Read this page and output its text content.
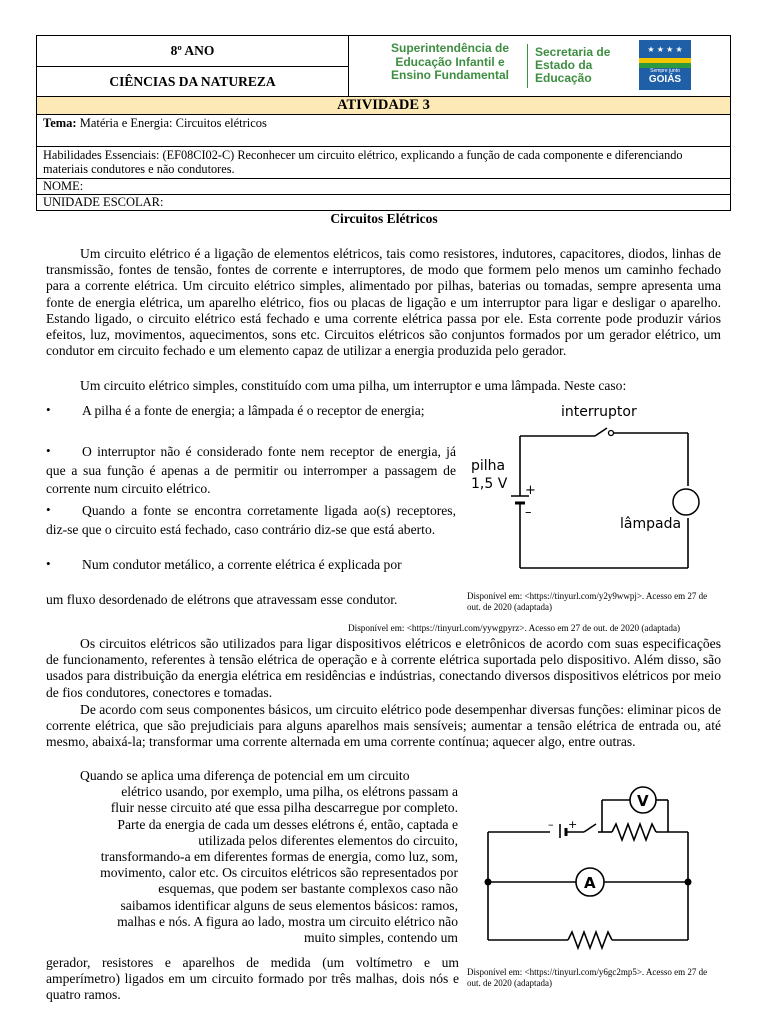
8º ANO
CIÊNCIAS DA NATUREZA
Superintendência de
Educação Infantil e
Ensino Fundamental
Secretaria de
Estado da
Educação
★ ★ ★ ★
Sempre junto
GOIÁS
ATIVIDADE 3
Tema: Matéria e Energia: Circuitos elétricos
Habilidades Essenciais: (EF08CI02-C) Reconhecer um circuito elétrico, explicando a função de cada componente e diferenciando materiais condutores e não condutores.
NOME:
UNIDADE ESCOLAR:
Circuitos Elétricos

Um circuito elétrico é a ligação de elementos elétricos, tais como resistores, indutores, capacitores, diodos, linhas de transmissão, fontes de tensão, fontes de corrente e interruptores, de modo que formem pelo menos um caminho fechado para a corrente elétrica. Um circuito elétrico simples, alimentado por pilhas, baterias ou tomadas, sempre apresenta uma fonte de energia elétrica, um aparelho elétrico, fios ou placas de ligação e um interruptor para ligar e desligar o aparelho. Estando ligado, o circuito elétrico está fechado e uma corrente elétrica passa por ele. Esta corrente pode produzir vários efeitos, luz, movimentos, aquecimentos, sons etc. Circuitos elétricos são conjuntos formados por um gerador elétrico, um condutor em circuito fechado e um elemento capaz de utilizar a energia produzida pelo gerador.

Um circuito elétrico simples, constituído com uma pilha, um interruptor e uma lâmpada. Neste caso:

•	A pilha é a fonte de energia; a lâmpada é o receptor de energia;

•	O interruptor não é considerado fonte nem receptor de energia, já que a sua função é apenas a de permitir ou interromper a passagem de corrente num circuito elétrico.

•	Quando a fonte se encontra corretamente ligada ao(s) receptores, diz-se que o circuito está fechado, caso contrário diz-se que está aberto.

•	Num condutor metálico, a corrente elétrica é explicada por

um fluxo desordenado de elétrons que atravessam esse condutor.
interruptor
pilha
1,5 V +
–
lâmpada
Disponível em: <https://tinyurl.com/y2y9wwpj>. Acesso em 27 de out. de 2020 (adaptada)
Disponível em: <https://tinyurl.com/yywgpyrz>. Acesso em 27 de out. de 2020 (adaptada)

Os circuitos elétricos são utilizados para ligar dispositivos elétricos e eletrônicos de acordo com suas especificações de funcionamento, referentes à tensão elétrica de operação e à corrente elétrica suportada pelo dispositivo. Além disso, são usados para distribuição da energia elétrica em residências e indústrias, conectando diversos dispositivos elétricos por meio de fios condutores, conectores e tomadas.

De acordo com seus componentes básicos, um circuito elétrico pode desempenhar diversas funções: eliminar picos de corrente elétrica, que são prejudiciais para alguns aparelhos mais sensíveis; aumentar a tensão elétrica de entrada ou, até mesmo, abaixá-la; transformar uma corrente alternada em uma corrente contínua; aquecer algo, entre outras.

Quando se aplica uma diferença de potencial em um circuito
elétrico usando, por exemplo, uma pilha, os elétrons passam a
fluir nesse circuito até que essa pilha descarregue por completo.
Parte da energia de cada um desses elétrons é, então, captada e
utilizada pelos diferentes elementos do circuito,
transformando-a em diferentes formas de energia, como luz, som,
movimento, calor etc. Os circuitos elétricos são representados por
esquemas, que podem ser bastante complexos caso não
saibamos identificar alguns de seus elementos básicos: ramos,
malhas e nós. A figura ao lado, mostra um circuito elétrico não
muito simples, contendo um

gerador, resistores e aparelhos de medida (um voltímetro e um amperímetro) ligados em um circuito formado por três malhas, dois nós e quatro ramos.

V
A
– +
Disponível em: <https://tinyurl.com/y6gc2mp5>. Acesso em 27 de out. de 2020 (adaptada)
